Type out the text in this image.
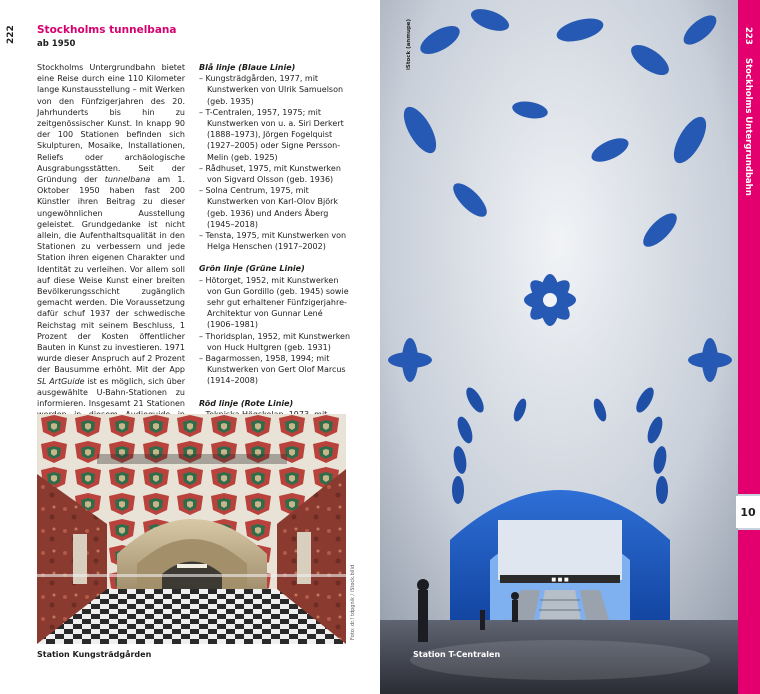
222 Stockholms tunnelbana
ab 1950
Stockholms Untergrundbahn bietet eine Reise durch eine 110 Kilometer lange Kunstausstellung – mit Werken von den Fünfzigerjahren des 20. Jahrhunderts bis hin zu zeitgenössischer Kunst. In knapp 90 der 100 Stationen befinden sich Skulpturen, Mosaike, Installationen, Reliefs oder archäologische Ausgrabungsstätten. Seit der Gründung der tunnelbana am 1. Oktober 1950 haben fast 200 Künstler ihren Beitrag zu dieser ungewöhnlichen Ausstellung geleistet. Grundgedanke ist nicht allein, die Aufenthaltsqualität in den Stationen zu verbessern und jede Station ihren eigenen Charakter und Identität zu verleihen. Vor allem soll auf diese Weise Kunst einer breiten Bevölkerungsschicht zugänglich gemacht werden. Die Voraussetzung dafür schuf 1937 der schwedische Reichstag mit seinem Beschluss, 1 Prozent der Kosten öffentlicher Bauten in Kunst zu investieren. 1971 wurde dieser Anspruch auf 2 Prozent der Bausumme erhöht. Mit der App SL ArtGuide ist es möglich, sich über ausgewählte U-Bahn-Stationen zu informieren. Insgesamt 21 Stationen
Blå linje (Blaue Linie)
– Kungsträdgården, 1977, mit Kunstwerken von Ulrik Samuelson (geb. 1935)
– T-Centralen, 1957, 1975; mit Kunstwerken von u. a. Siri Derkert (1888–1973), Jörgen Fogelquist (1927–2005) oder Signe Persson-Melin (geb. 1925)
– Rådhuset, 1975, mit Kunstwerken von Sigvard Olsson (geb. 1936)
– Solna Centrum, 1975, mit Kunstwerken von Karl-Olov Björk (geb. 1936) und Anders Åberg (1945–2018)
– Tensta, 1975, mit Kunstwerken von Helga Henschen (1917–2002)
Grön linje (Grüne Linie)
– Hötorget, 1952, mit Kunstwerken von Gun Gordillo (geb. 1945) sowie sehr gut erhaltener Fünfzigerjahre-Architektur von Gunnar Lené (1906–1981)
– Thoridsplan, 1952, mit Kunstwerken von Huck Hultgren (geb. 1931)
– Bagarmossen, 1958, 1994; mit Kunstwerken von Gert Olof Marcus (1914–2008)
Röd linje (Rote Linie)
Foto: dr.! tdpgnik / iStock.bilid
Station Kungsträdgården
■ ■ ■
iStock (anmupe)
Station T-Centralen
10
223
Stockholms Untergrundbahn
